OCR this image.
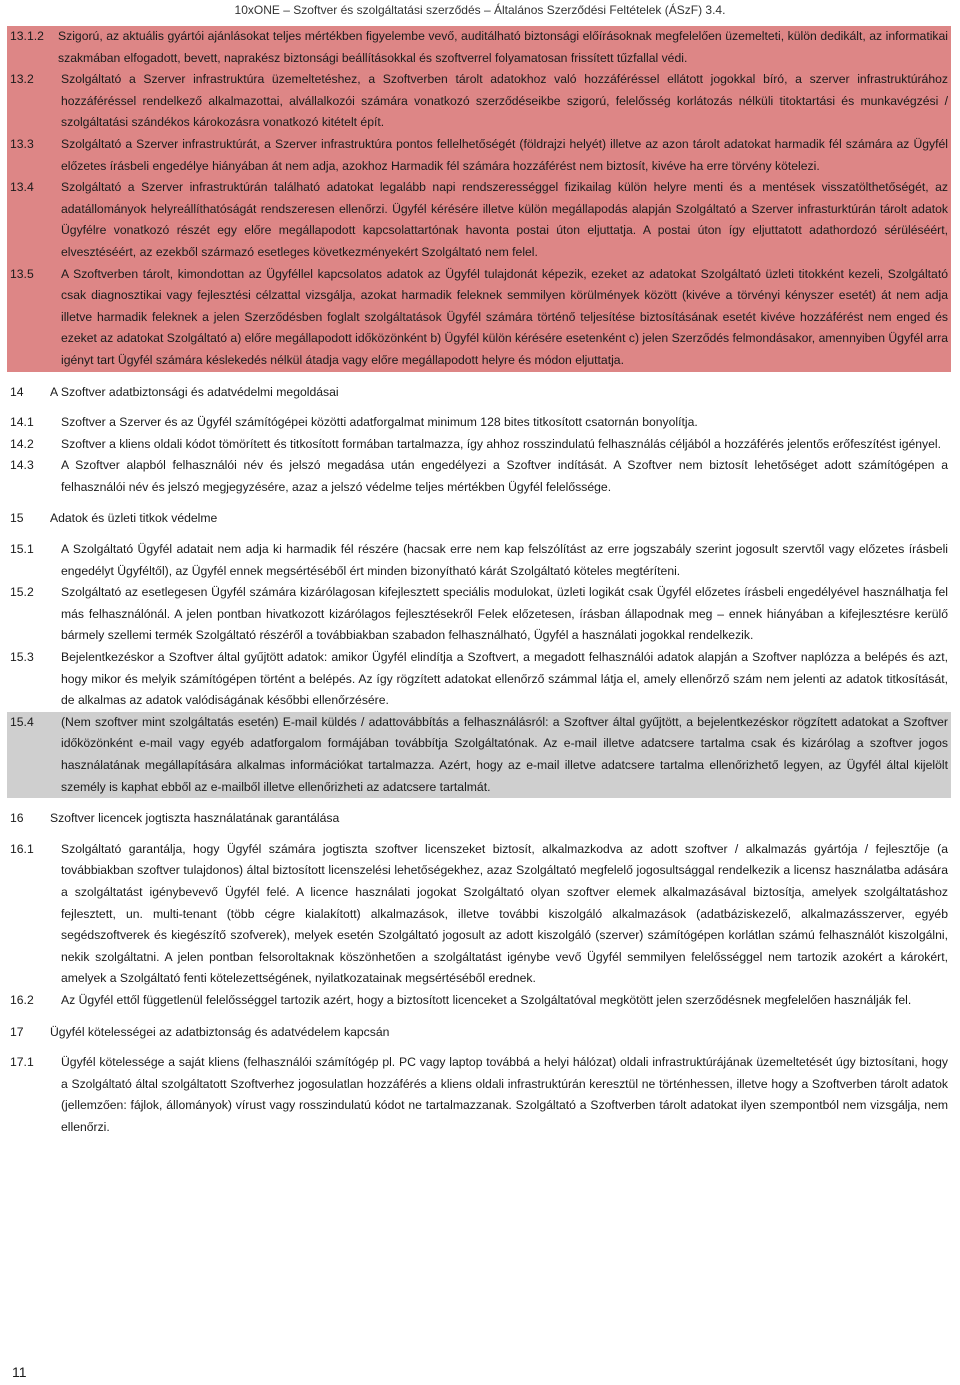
10xONE – Szoftver és szolgáltatási szerződés – Általános Szerződési Feltételek (ÁSzF) 3.4.
13.1.2	Szigorú, az aktuális gyártói ajánlásokat teljes mértékben figyelembe vevő, auditálható biztonsági előírásoknak megfelelően üzemelteti, külön dedikált, az informatikai szakmában elfogadott, bevett, naprakész biztonsági beállításokkal és szoftverrel folyamatosan frissített tűzfallal védi.
13.2	Szolgáltató a Szerver infrastruktúra üzemeltetéshez, a Szoftverben tárolt adatokhoz való hozzáféréssel ellátott jogokkal bíró, a szerver infrastruktúrához hozzáféréssel rendelkező alkalmazottai, alvállalkozói számára vonatkozó szerződéseikbe szigorú, felelősség korlátozás nélküli titoktartási és munkavégzési / szolgáltatási szándékos károkozásra vonatkozó kitételt épít.
13.3	Szolgáltató a Szerver infrastruktúrát, a Szerver infrastruktúra pontos fellelhetőségét (földrajzi helyét) illetve az azon tárolt adatokat harmadik fél számára az Ügyfél előzetes írásbeli engedélye hiányában át nem adja, azokhoz Harmadik fél számára hozzáférést nem biztosít, kivéve ha erre törvény kötelezi.
13.4	Szolgáltató a Szerver infrastruktúrán található adatokat legalább napi rendszerességgel fizikailag külön helyre menti és a mentések visszatölthetőségét, az adatállományok helyreállíthatóságát rendszeresen ellenőrzi. Ügyfél kérésére illetve külön megállapodás alapján Szolgáltató a Szerver infrasturktúrán tárolt adatok Ügyfélre vonatkozó részét egy előre megállapodott kapcsolattartónak havonta postai úton eljuttatja. A postai úton így eljuttatott adathordozó sérüléséért, elvesztéséért, az ezekből származó esetleges következményekért Szolgáltató nem felel.
13.5	A Szoftverben tárolt, kimondottan az Ügyféllel kapcsolatos adatok az Ügyfél tulajdonát képezik, ezeket az adatokat Szolgáltató üzleti titokként kezeli, Szolgáltató csak diagnosztikai vagy fejlesztési célzattal vizsgálja, azokat harmadik feleknek semmilyen körülmények között (kivéve a törvényi kényszer esetét) át nem adja illetve harmadik feleknek a jelen Szerződésben foglalt szolgáltatások Ügyfél számára történő teljesítése biztosításának esetét kivéve hozzáférést nem enged és ezeket az adatokat Szolgáltató a) előre megállapodott időközönként b) Ügyfél külön kérésére esetenként c) jelen Szerződés felmondásakor, amennyiben Ügyfél arra igényt tart Ügyfél számára késlekedés nélkül átadja vagy előre megállapodott helyre és módon eljuttatja.
14	A Szoftver adatbiztonsági és adatvédelmi megoldásai
14.1	Szoftver a Szerver és az Ügyfél számítógépei közötti adatforgalmat minimum 128 bites titkosított csatornán bonyolítja.
14.2	Szoftver a kliens oldali kódot tömörített és titkosított formában tartalmazza, így ahhoz rosszindulatú felhasználás céljából a hozzáférés jelentős erőfeszítést igényel.
14.3	A Szoftver alapból felhasználói név és jelszó megadása után engedélyezi a Szoftver indítását. A Szoftver nem biztosít lehetőséget adott számítógépen a felhasználói név és jelszó megjegyzésére, azaz a jelszó védelme teljes mértékben Ügyfél felelőssége.
15	Adatok és üzleti titkok védelme
15.1	A Szolgáltató Ügyfél adatait nem adja ki harmadik fél részére (hacsak erre nem kap felszólítást az erre jogszabály szerint jogosult szervtől vagy előzetes írásbeli engedélyt Ügyféltől), az Ügyfél ennek megsértéséből ért minden bizonyítható kárát Szolgáltató köteles megtéríteni.
15.2	Szolgáltató az esetlegesen Ügyfél számára kizárólagosan kifejlesztett speciális modulokat, üzleti logikát csak Ügyfél előzetes írásbeli engedélyével használhatja fel más felhasználónál. A jelen pontban hivatkozott kizárólagos fejlesztésekről Felek előzetesen, írásban állapodnak meg – ennek hiányában a kifejlesztésre kerülő bármely szellemi termék Szolgáltató részéről a továbbiakban szabadon felhasználható, Ügyfél a használati jogokkal rendelkezik.
15.3	Bejelentkezéskor a Szoftver által gyűjtött adatok: amikor Ügyfél elindítja a Szoftvert, a megadott felhasználói adatok alapján a Szoftver naplózza a belépés és azt, hogy mikor és melyik számítógépen történt a belépés. Az így rögzített adatokat ellenőrző számmal látja el, amely ellenőrző szám nem jelenti az adatok titkosítását, de alkalmas az adatok valódiságának későbbi ellenőrzésére.
15.4	(Nem szoftver mint szolgáltatás esetén) E-mail küldés / adattovábbítás a felhasználásról: a Szoftver által gyűjtött, a bejelentkezéskor rögzített adatokat a Szoftver időközönként e-mail vagy egyéb adatforgalom formájában továbbítja Szolgáltatónak. Az e-mail illetve adatcsere tartalma csak és kizárólag a szoftver jogos használatának megállapítására alkalmas információkat tartalmazza. Azért, hogy az e-mail illetve adatcsere tartalma ellenőrizhető legyen, az Ügyfél által kijelölt személy is kaphat ebből az e-mailből illetve ellenőrizheti az adatcsere tartalmát.
16	Szoftver licencek jogtiszta használatának garantálása
16.1	Szolgáltató garantálja, hogy Ügyfél számára jogtiszta szoftver licenszeket biztosít, alkalmazkodva az adott szoftver / alkalmazás gyártója / fejlesztője (a továbbiakban szoftver tulajdonos) által biztosított licenszelési lehetőségekhez, azaz Szolgáltató megfelelő jogosultsággal rendelkezik a licensz használatba adására a szolgáltatást igénybevevő Ügyfél felé. A licence használati jogokat Szolgáltató olyan szoftver elemek alkalmazásával biztosítja, amelyek szolgáltatáshoz fejlesztett, un. multi-tenant (több cégre kialakított) alkalmazások, illetve további kiszolgáló alkalmazások (adatbáziskezelő, alkalmazásszerver, egyéb segédszoftverek és kiegészítő szofverek), melyek esetén Szolgáltató jogosult az adott kiszolgáló (szerver) számítógépen korlátlan számú felhasználót kiszolgálni, nekik szolgáltatni. A jelen pontban felsoroltaknak köszönhetően a szolgáltatást igénybe vevő Ügyfél semmilyen felelősséggel nem tartozik azokért a károkért, amelyek a Szolgáltató fenti kötelezettségének, nyilatkozatainak megsértéséből erednek.
16.2	Az Ügyfél ettől függetlenül felelősséggel tartozik azért, hogy a biztosított licenceket a Szolgáltatóval megkötött jelen szerződésnek megfelelően használják fel.
17	Ügyfél kötelességei az adatbiztonság és adatvédelem kapcsán
17.1	Ügyfél kötelessége a saját kliens (felhasználói számítógép pl. PC vagy laptop továbbá a helyi hálózat) oldali infrastruktúrájának üzemeltetését úgy biztosítani, hogy a Szolgáltató által szolgáltatott Szoftverhez jogosulatlan hozzáférés a kliens oldali infrastruktúrán keresztül ne történhessen, illetve hogy a Szoftverben tárolt adatok (jellemzően: fájlok, állományok) vírust vagy rosszindulatú kódot ne tartalmazzanak. Szolgáltató a Szoftverben tárolt adatokat ilyen szempontból nem vizsgálja, nem ellenőrzi.
11
